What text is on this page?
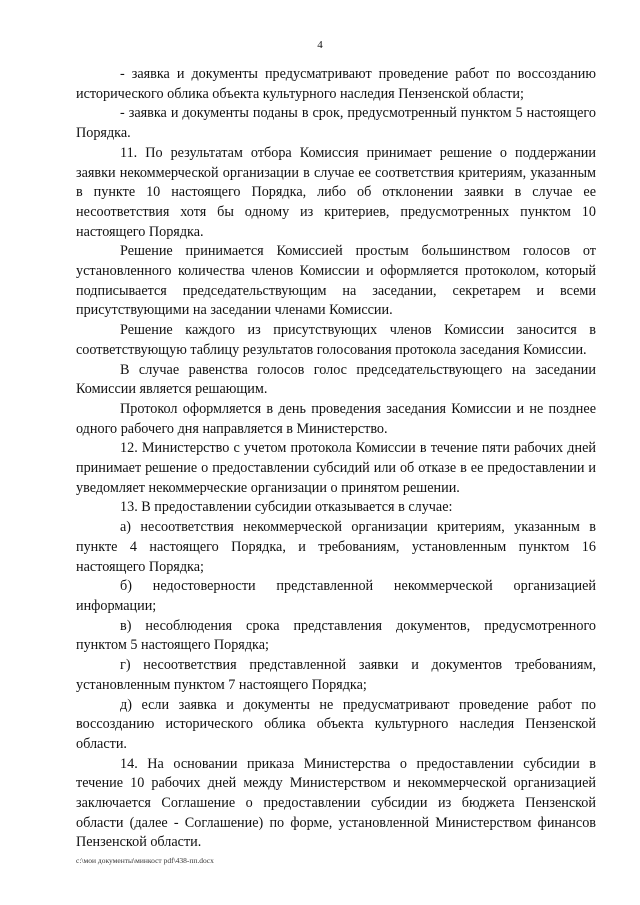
4

- заявка и документы предусматривают проведение работ по воссозданию исторического облика объекта культурного наследия Пензенской области;

- заявка и документы поданы в срок, предусмотренный пунктом 5 настоящего Порядка.

11. По результатам отбора Комиссия принимает решение о поддержании заявки некоммерческой организации в случае ее соответствия критериям, указанным в пункте 10 настоящего Порядка, либо об отклонении заявки в случае ее несоответствия хотя бы одному из критериев, предусмотренных пунктом 10 настоящего Порядка.

Решение принимается Комиссией простым большинством голосов от установленного количества членов Комиссии и оформляется протоколом, который подписывается председательствующим на заседании, секретарем и всеми присутствующими на заседании членами Комиссии.

Решение каждого из присутствующих членов Комиссии заносится в соответствующую таблицу результатов голосования протокола заседания Комиссии.

В случае равенства голосов голос председательствующего на заседании Комиссии является решающим.

Протокол оформляется в день проведения заседания Комиссии и не позднее одного рабочего дня направляется в Министерство.

12. Министерство с учетом протокола Комиссии в течение пяти рабочих дней принимает решение о предоставлении субсидий или об отказе в ее предоставлении и уведомляет некоммерческие организации о принятом решении.

13. В предоставлении субсидии отказывается в случае:

а) несоответствия некоммерческой организации критериям, указанным в пункте 4 настоящего Порядка, и требованиям, установленным пунктом 16 настоящего Порядка;

б) недостоверности представленной некоммерческой организацией информации;

в) несоблюдения срока представления документов, предусмотренного пунктом 5 настоящего Порядка;

г) несоответствия представленной заявки и документов требованиям, установленным пунктом 7 настоящего Порядка;

д) если заявка и документы не предусматривают проведение работ по воссозданию исторического облика объекта культурного наследия Пензенской области.

14. На основании приказа Министерства о предоставлении субсидии в течение 10 рабочих дней между Министерством и некоммерческой организацией заключается Соглашение о предоставлении субсидии из бюджета Пензенской области (далее - Соглашение) по форме, установленной Министерством финансов Пензенской области.

c:\мои документы\минкост pdf\438-пп.docx
